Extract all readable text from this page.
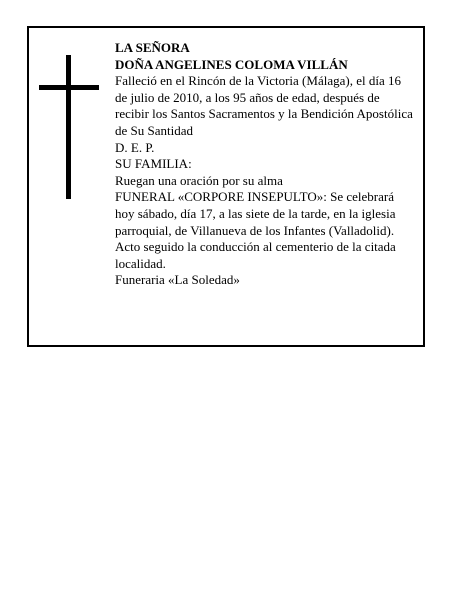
LA SEÑORA
DOÑA ANGELINES COLOMA VILLÁN
Falleció en el Rincón de la Victoria (Málaga), el día 16 de julio de 2010, a los 95 años de edad, después de recibir los Santos Sacramentos y la Bendición Apostólica de Su Santidad
D. E. P.
SU FAMILIA:
Ruegan una oración por su alma
FUNERAL «CORPORE INSEPULTO»: Se celebrará hoy sábado, día 17, a las siete de la tarde, en la iglesia parroquial, de Villanueva de los Infantes (Valladolid). Acto seguido la conducción al cementerio de la citada localidad.
Funeraria «La Soledad»
